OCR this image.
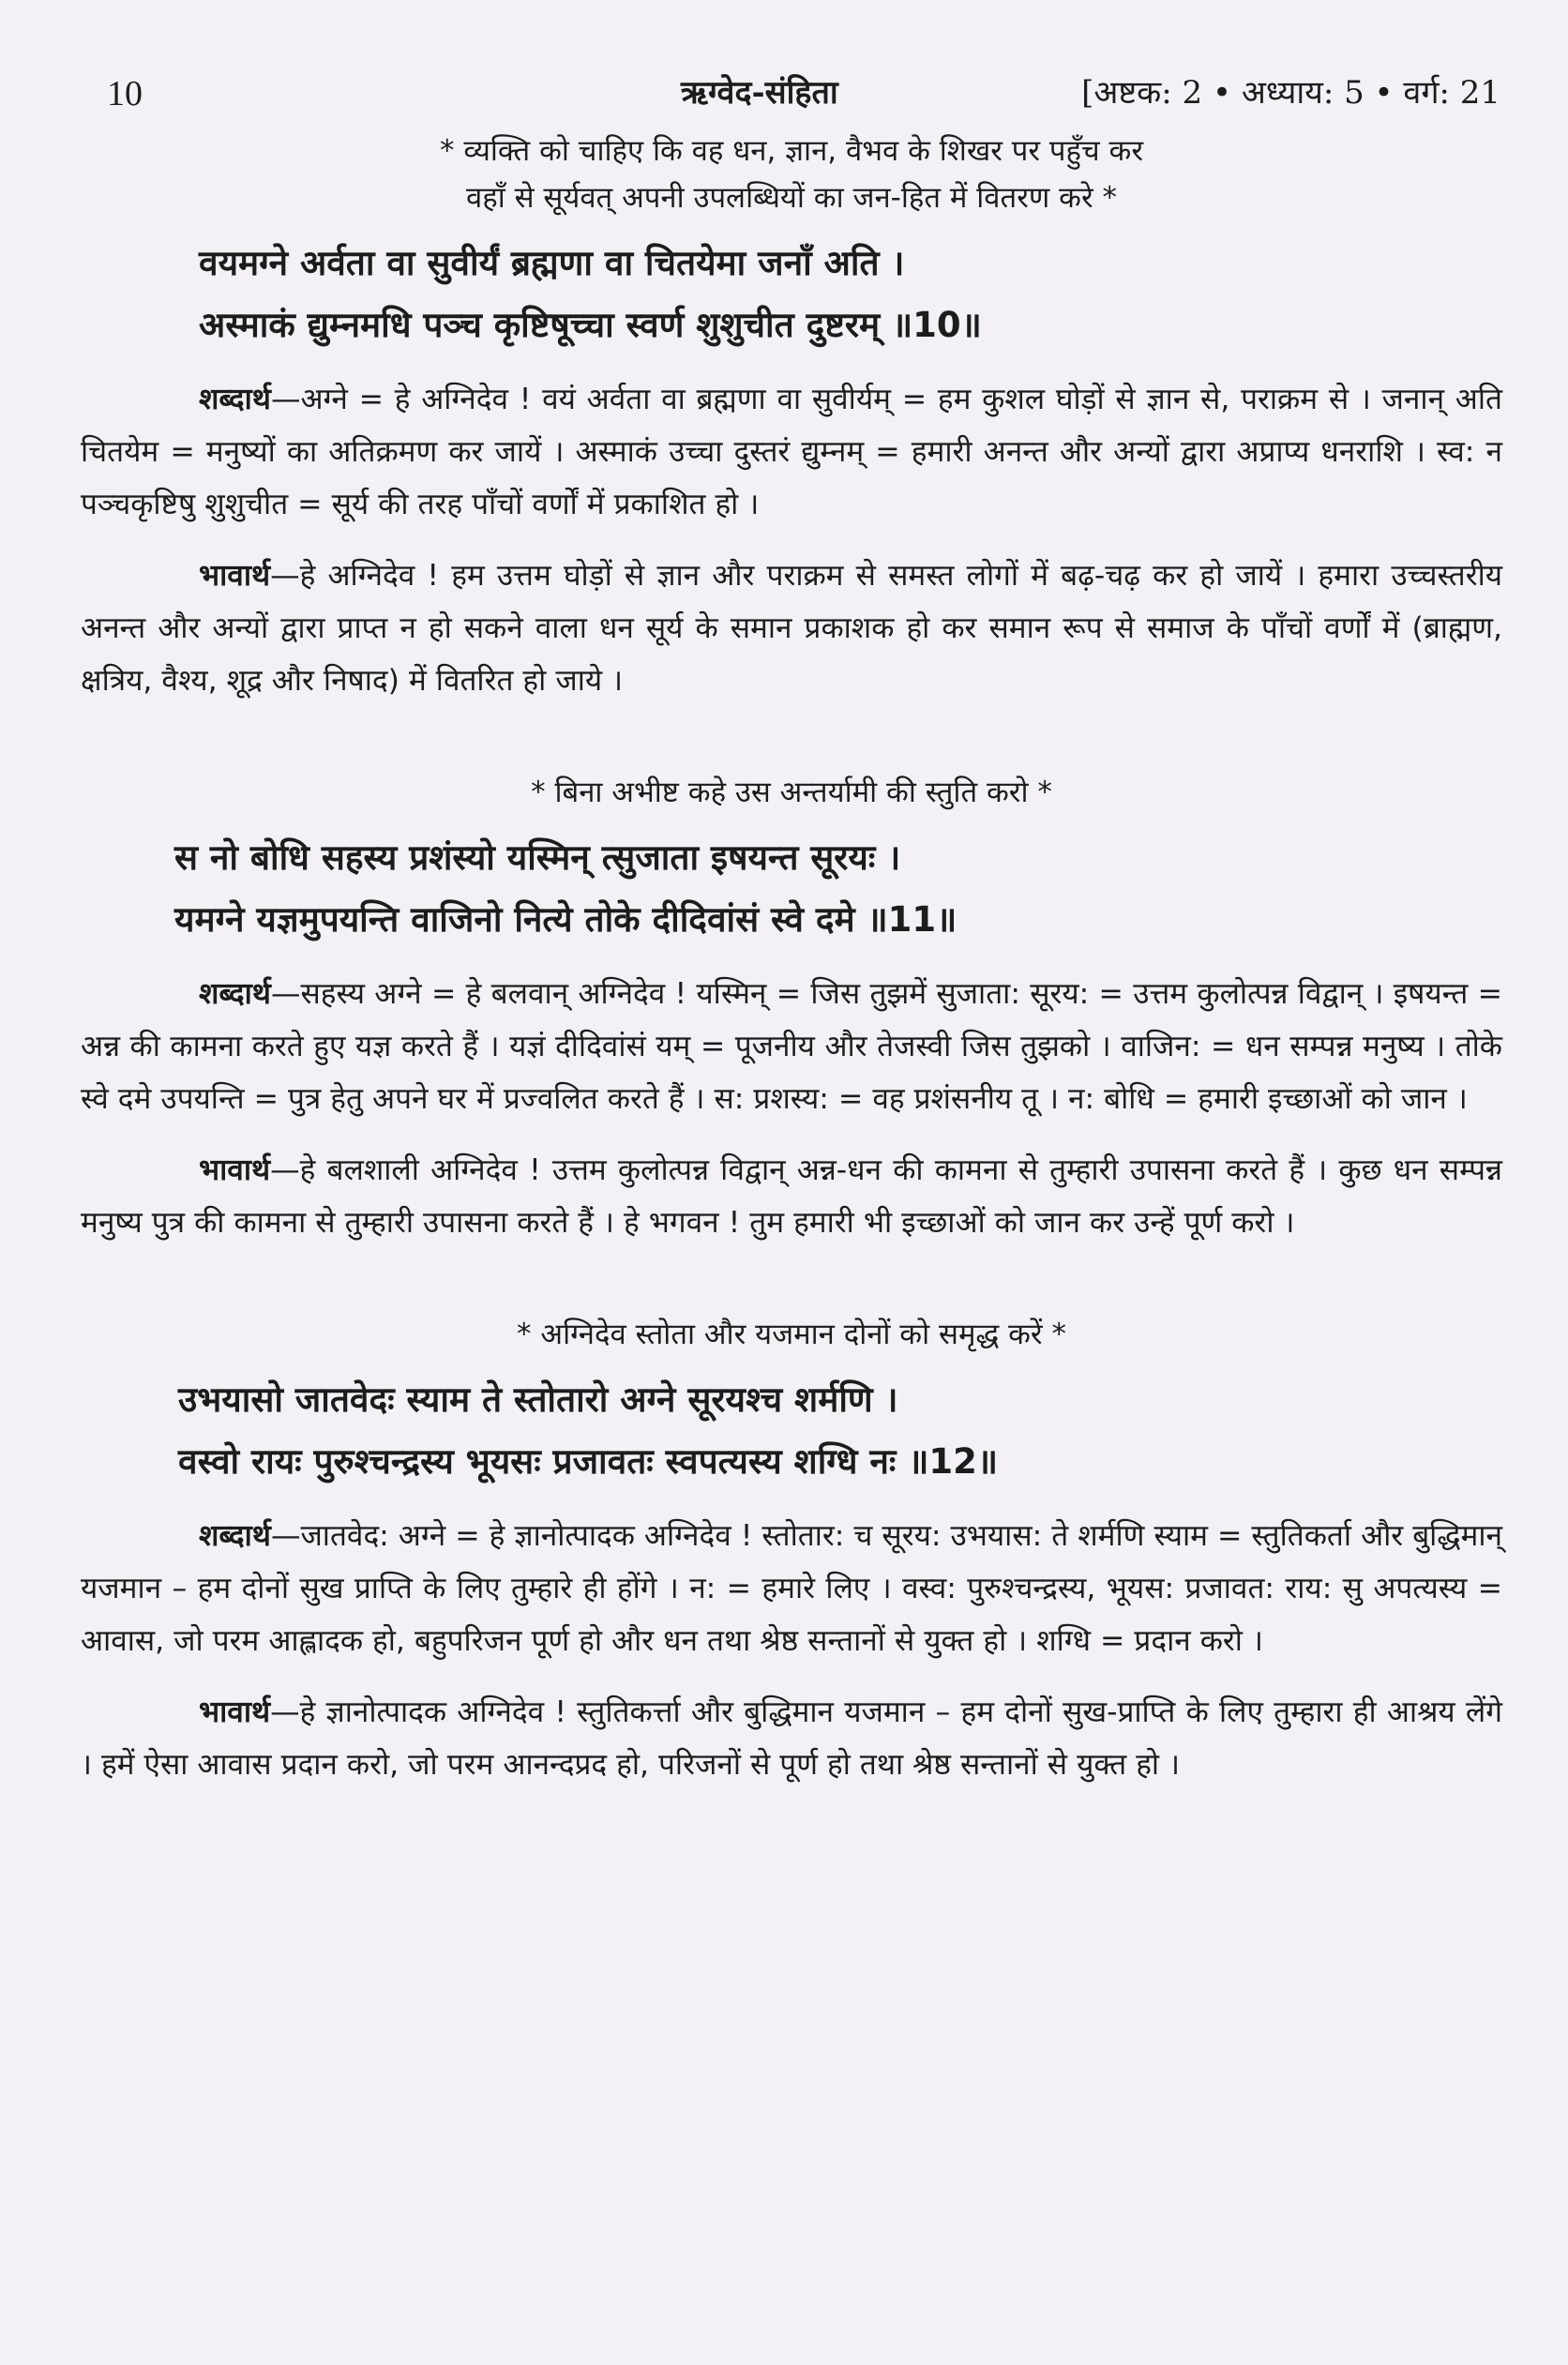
10	ऋग्वेद-संहिता	[अष्टक: 2 • अध्याय: 5 • वर्ग: 21
* व्यक्ति को चाहिए कि वह धन, ज्ञान, वैभव के शिखर पर पहुँच कर
वहाँ से सूर्यवत् अपनी उपलब्धियों का जन-हित में वितरण करे *
वयमग्ने अर्वता वा सुवीर्यं ब्रह्मणा वा चितयेमा जनाँ अति ।
अस्माकं द्युम्नमधि पञ्च कृष्टिषूच्चा स्वर्ण शुशुचीत दुष्टरम् ॥10॥

शब्दार्थ—अग्ने = हे अग्निदेव ! वयं अर्वता वा ब्रह्मणा वा सुवीर्यम् = हम कुशल घोड़ों से ज्ञान से, पराक्रम से । जनान् अति चितयेम = मनुष्यों का अतिक्रमण कर जायें । अस्माकं उच्चा दुस्तरं द्युम्नम् = हमारी अनन्त और अन्यों द्वारा अप्राप्य धनराशि । स्व: न पञ्चकृष्टिषु शुशुचीत = सूर्य की तरह पाँचों वर्णों में प्रकाशित हो ।

भावार्थ—हे अग्निदेव ! हम उत्तम घोड़ों से ज्ञान और पराक्रम से समस्त लोगों में बढ़-चढ़ कर हो जायें । हमारा उच्चस्तरीय अनन्त और अन्यों द्वारा प्राप्त न हो सकने वाला धन सूर्य के समान प्रकाशक हो कर समान रूप से समाज के पाँचों वर्णों में (ब्राह्मण, क्षत्रिय, वैश्य, शूद्र और निषाद) में वितरित हो जाये ।

* बिना अभीष्ट कहे उस अन्तर्यामी की स्तुति करो *
स नो बोधि सहस्य प्रशंस्यो यस्मिन् त्सुजाता इषयन्त सूरयः ।
यमग्ने यज्ञमुपयन्ति वाजिनो नित्ये तोके दीदिवांसं स्वे दमे ॥11॥

शब्दार्थ—सहस्य अग्ने = हे बलवान् अग्निदेव ! यस्मिन् = जिस तुझमें सुजाता: सूरय: = उत्तम कुलोत्पन्न विद्वान् । इषयन्त = अन्न की कामना करते हुए यज्ञ करते हैं । यज्ञं दीदिवांसं यम् = पूजनीय और तेजस्वी जिस तुझको । वाजिन: = धन सम्पन्न मनुष्य । तोके स्वे दमे उपयन्ति = पुत्र हेतु अपने घर में प्रज्वलित करते हैं । स: प्रशस्य: = वह प्रशंसनीय तू । न: बोधि = हमारी इच्छाओं को जान ।

भावार्थ—हे बलशाली अग्निदेव ! उत्तम कुलोत्पन्न विद्वान् अन्न-धन की कामना से तुम्हारी उपासना करते हैं । कुछ धन सम्पन्न मनुष्य पुत्र की कामना से तुम्हारी उपासना करते हैं । हे भगवन ! तुम हमारी भी इच्छाओं को जान कर उन्हें पूर्ण करो ।

* अग्निदेव स्तोता और यजमान दोनों को समृद्ध करें *
उभयासो जातवेदः स्याम ते स्तोतारो अग्ने सूरयश्च शर्मणि ।
वस्वो रायः पुरुश्चन्द्रस्य भूयसः प्रजावतः स्वपत्यस्य शग्धि नः ॥12॥

शब्दार्थ—जातवेद: अग्ने = हे ज्ञानोत्पादक अग्निदेव ! स्तोतार: च सूरय: उभयास: ते शर्मणि स्याम = स्तुतिकर्ता और बुद्धिमान् यजमान – हम दोनों सुख प्राप्ति के लिए तुम्हारे ही होंगे । न: = हमारे लिए । वस्व: पुरुश्चन्द्रस्य, भूयस: प्रजावत: राय: सु अपत्यस्य = आवास, जो परम आह्लादक हो, बहुपरिजन पूर्ण हो और धन तथा श्रेष्ठ सन्तानों से युक्त हो । शग्धि = प्रदान करो ।

भावार्थ—हे ज्ञानोत्पादक अग्निदेव ! स्तुतिकर्त्ता और बुद्धिमान यजमान – हम दोनों सुख-प्राप्ति के लिए तुम्हारा ही आश्रय लेंगे । हमें ऐसा आवास प्रदान करो, जो परम आनन्दप्रद हो, परिजनों से पूर्ण हो तथा श्रेष्ठ सन्तानों से युक्त हो ।
